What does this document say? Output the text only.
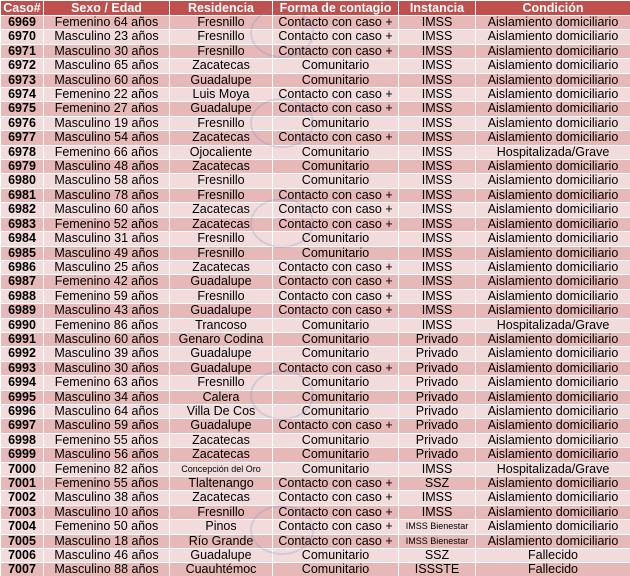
Caso#	Sexo / Edad	Residencia	Forma de contagio	Instancia	Condición
6969	Femenino 64 años	Fresnillo	Contacto con caso +	IMSS	Aislamiento domiciliario
6970	Masculino 23 años	Fresnillo	Contacto con caso +	IMSS	Aislamiento domiciliario
6971	Masculino 30 años	Fresnillo	Contacto con caso +	IMSS	Aislamiento domiciliario
6972	Masculino 65 años	Zacatecas	Comunitario	IMSS	Aislamiento domiciliario
6973	Masculino 60 años	Guadalupe	Comunitario	IMSS	Aislamiento domiciliario
6974	Femenino 22 años	Luis Moya	Contacto con caso +	IMSS	Aislamiento domiciliario
6975	Femenino 27 años	Guadalupe	Contacto con caso +	IMSS	Aislamiento domiciliario
6976	Masculino 19 años	Fresnillo	Comunitario	IMSS	Aislamiento domiciliario
6977	Masculino 54 años	Zacatecas	Contacto con caso +	IMSS	Aislamiento domiciliario
6978	Femenino 66 años	Ojocaliente	Comunitario	IMSS	Hospitalizada/Grave
6979	Masculino 48 años	Zacatecas	Comunitario	IMSS	Aislamiento domiciliario
6980	Masculino 58 años	Fresnillo	Comunitario	IMSS	Aislamiento domiciliario
6981	Masculino 78 años	Fresnillo	Contacto con caso +	IMSS	Aislamiento domiciliario
6982	Masculino 60 años	Zacatecas	Contacto con caso +	IMSS	Aislamiento domiciliario
6983	Femenino 52 años	Zacatecas	Contacto con caso +	IMSS	Aislamiento domiciliario
6984	Masculino 31 años	Fresnillo	Comunitario	IMSS	Aislamiento domiciliario
6985	Masculino 49 años	Fresnillo	Comunitario	IMSS	Aislamiento domiciliario
6986	Masculino 25 años	Zacatecas	Contacto con caso +	IMSS	Aislamiento domiciliario
6987	Femenino 42 años	Guadalupe	Contacto con caso +	IMSS	Aislamiento domiciliario
6988	Femenino 59 años	Fresnillo	Contacto con caso +	IMSS	Aislamiento domiciliario
6989	Masculino 43 años	Guadalupe	Contacto con caso +	IMSS	Aislamiento domiciliario
6990	Femenino 86 años	Trancoso	Comunitario	IMSS	Hospitalizada/Grave
6991	Masculino 60 años	Genaro Codina	Comunitario	Privado	Aislamiento domiciliario
6992	Masculino 39 años	Guadalupe	Comunitario	Privado	Aislamiento domiciliario
6993	Masculino 30 años	Guadalupe	Contacto con caso +	Privado	Aislamiento domiciliario
6994	Femenino 63 años	Fresnillo	Comunitario	Privado	Aislamiento domiciliario
6995	Masculino 34 años	Calera	Comunitario	Privado	Aislamiento domiciliario
6996	Masculino 64 años	Villa De Cos	Comunitario	Privado	Aislamiento domiciliario
6997	Masculino 59 años	Guadalupe	Contacto con caso +	Privado	Aislamiento domiciliario
6998	Femenino 55 años	Zacatecas	Comunitario	Privado	Aislamiento domiciliario
6999	Masculino 56 años	Zacatecas	Comunitario	Privado	Aislamiento domiciliario
7000	Femenino 82 años	Concepción del Oro	Comunitario	IMSS	Hospitalizada/Grave
7001	Femenino 55 años	Tlaltenango	Contacto con caso +	SSZ	Aislamiento domiciliario
7002	Masculino 38 años	Zacatecas	Contacto con caso +	IMSS	Aislamiento domiciliario
7003	Masculino 10 años	Fresnillo	Contacto con caso +	IMSS	Aislamiento domiciliario
7004	Femenino 50 años	Pinos	Contacto con caso +	IMSS Bienestar	Aislamiento domiciliario
7005	Masculino 18 años	Río Grande	Contacto con caso +	IMSS Bienestar	Aislamiento domiciliario
7006	Masculino 46 años	Guadalupe	Comunitario	SSZ	Fallecido
7007	Masculino 88 años	Cuauhtémoc	Comunitario	ISSSTE	Fallecido
